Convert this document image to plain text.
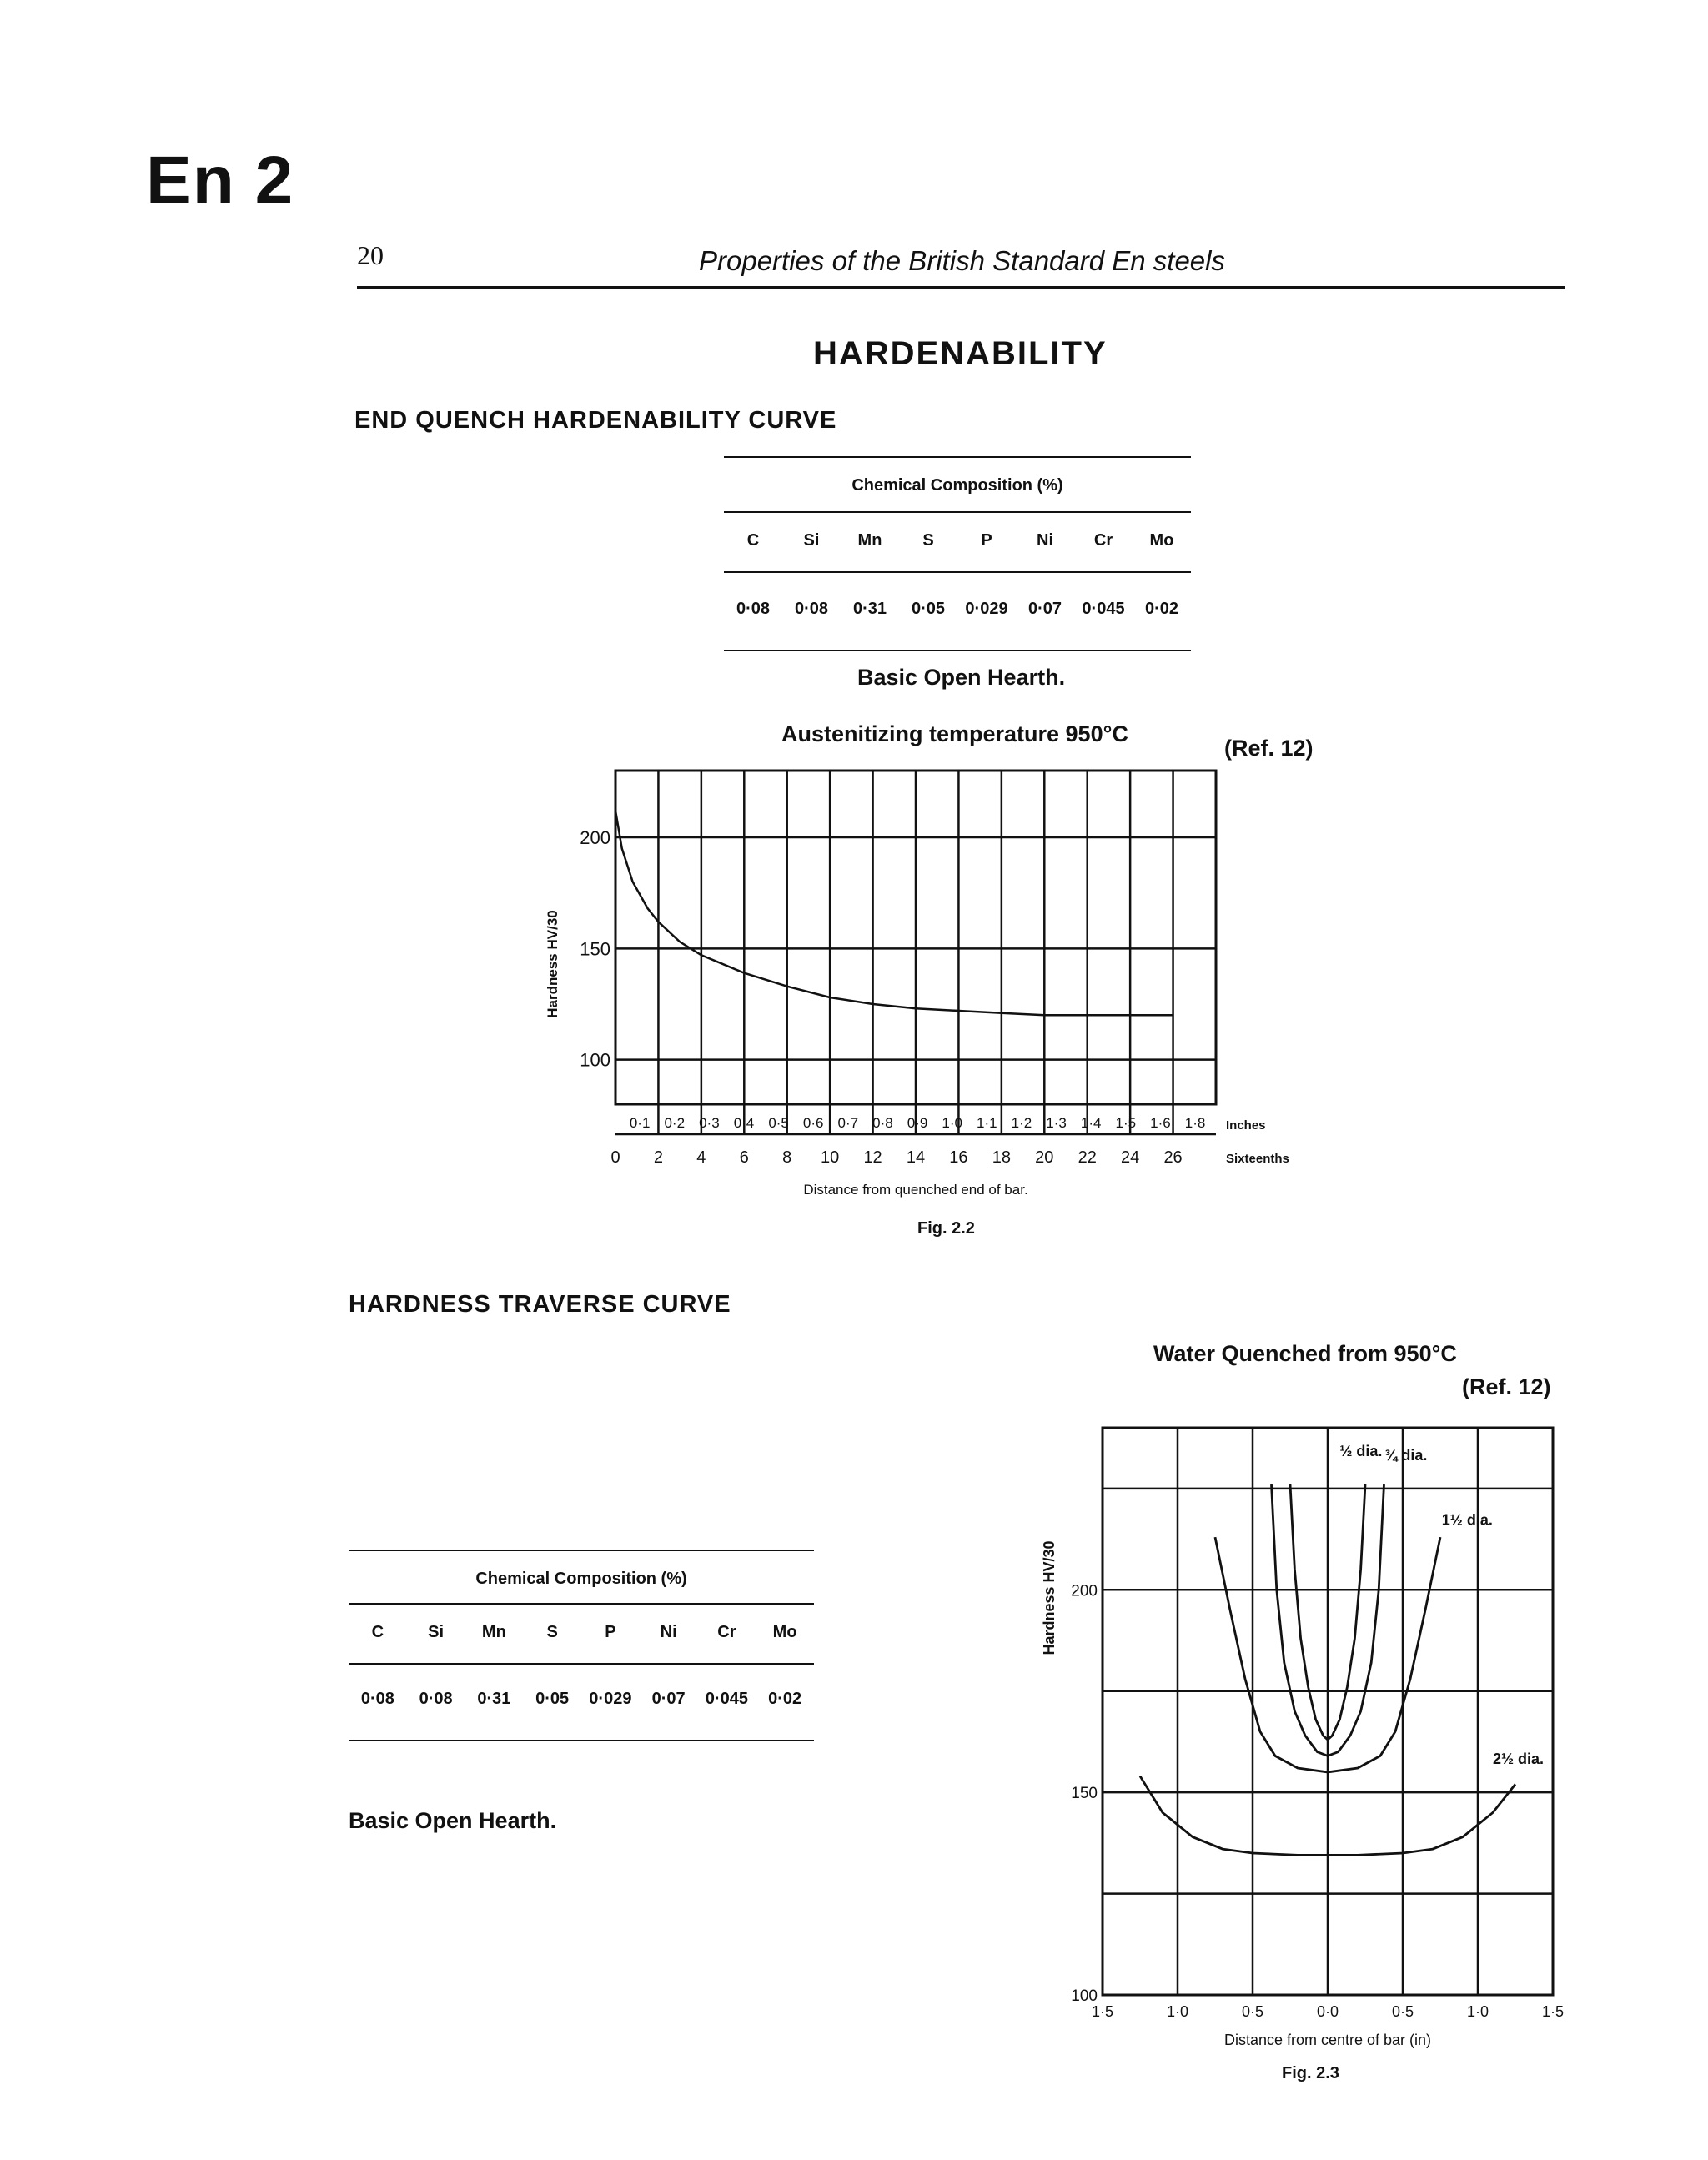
En 2
20	Properties of the British Standard En steels
HARDENABILITY
END QUENCH HARDENABILITY CURVE
Chemical Composition (%)
C	Si	Mn	S	P	Ni	Cr	Mo
0·08	0·08	0·31	0·05	0·029	0·07	0·045	0·02
Basic Open Hearth.
Austenitizing temperature 950°C
(Ref. 12)
100
150
200
0·1 0·2 0·3 0·4 0·5 0·6 0·7 0·8 0·9 1·0 1·1 1·2 1·3 1·4 1·5 1·6 1·8
0 2 4 6 8 10 12 14 16 18 20 22 24 26
Inches
Sixteenths
Distance from quenched end of bar.
Hardness HV/30
Fig. 2.2
HARDNESS TRAVERSE CURVE
Water Quenched from 950°C
(Ref. 12)
Chemical Composition (%)
C	Si	Mn	S	P	Ni	Cr	Mo
0·08	0·08	0·31	0·05	0·029	0·07	0·045	0·02
Basic Open Hearth.
100
150
200
1·5	1·0	0·5	0·0	0·5	1·0	1·5
Distance from centre of bar (in)
Hardness HV/30
½ dia. ¾ dia.
1½ dia.
2½ dia.
Fig. 2.3
